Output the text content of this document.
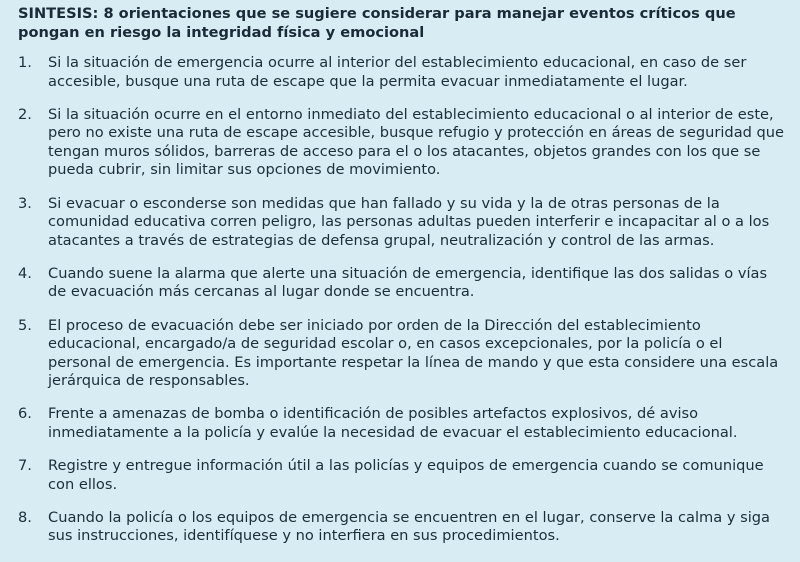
SINTESIS: 8 orientaciones que se sugiere considerar para manejar eventos críticos que pongan en riesgo la integridad física y emocional
1.	Si la situación de emergencia ocurre al interior del establecimiento educacional, en caso de ser accesible, busque una ruta de escape que la permita evacuar inmediatamente el lugar.
2.	Si la situación ocurre en el entorno inmediato del establecimiento educacional o al interior de este, pero no existe una ruta de escape accesible, busque refugio y protección en áreas de seguridad que tengan muros sólidos, barreras de acceso para el o los atacantes, objetos grandes con los que se pueda cubrir, sin limitar sus opciones de movimiento.
3.	Si evacuar o esconderse son medidas que han fallado y su vida y la de otras personas de la comunidad educativa corren peligro, las personas adultas pueden interferir e incapacitar al o a los atacantes a través de estrategias de defensa grupal, neutralización y control de las armas.
4.	Cuando suene la alarma que alerte una situación de emergencia, identifique las dos salidas o vías de evacuación más cercanas al lugar donde se encuentra.
5.	El proceso de evacuación debe ser iniciado por orden de la Dirección del establecimiento educacional, encargado/a de seguridad escolar o, en casos excepcionales, por la policía o el personal de emergencia. Es importante respetar la línea de mando y que esta considere una escala jerárquica de responsables.
6.	Frente a amenazas de bomba o identificación de posibles artefactos explosivos, dé aviso inmediatamente a la policía y evalúe la necesidad de evacuar el establecimiento educacional.
7.	Registre y entregue información útil a las policías y equipos de emergencia cuando se comunique con ellos.
8.	Cuando la policía o los equipos de emergencia se encuentren en el lugar, conserve la calma y siga sus instrucciones, identifíquese y no interfiera en sus procedimientos.
